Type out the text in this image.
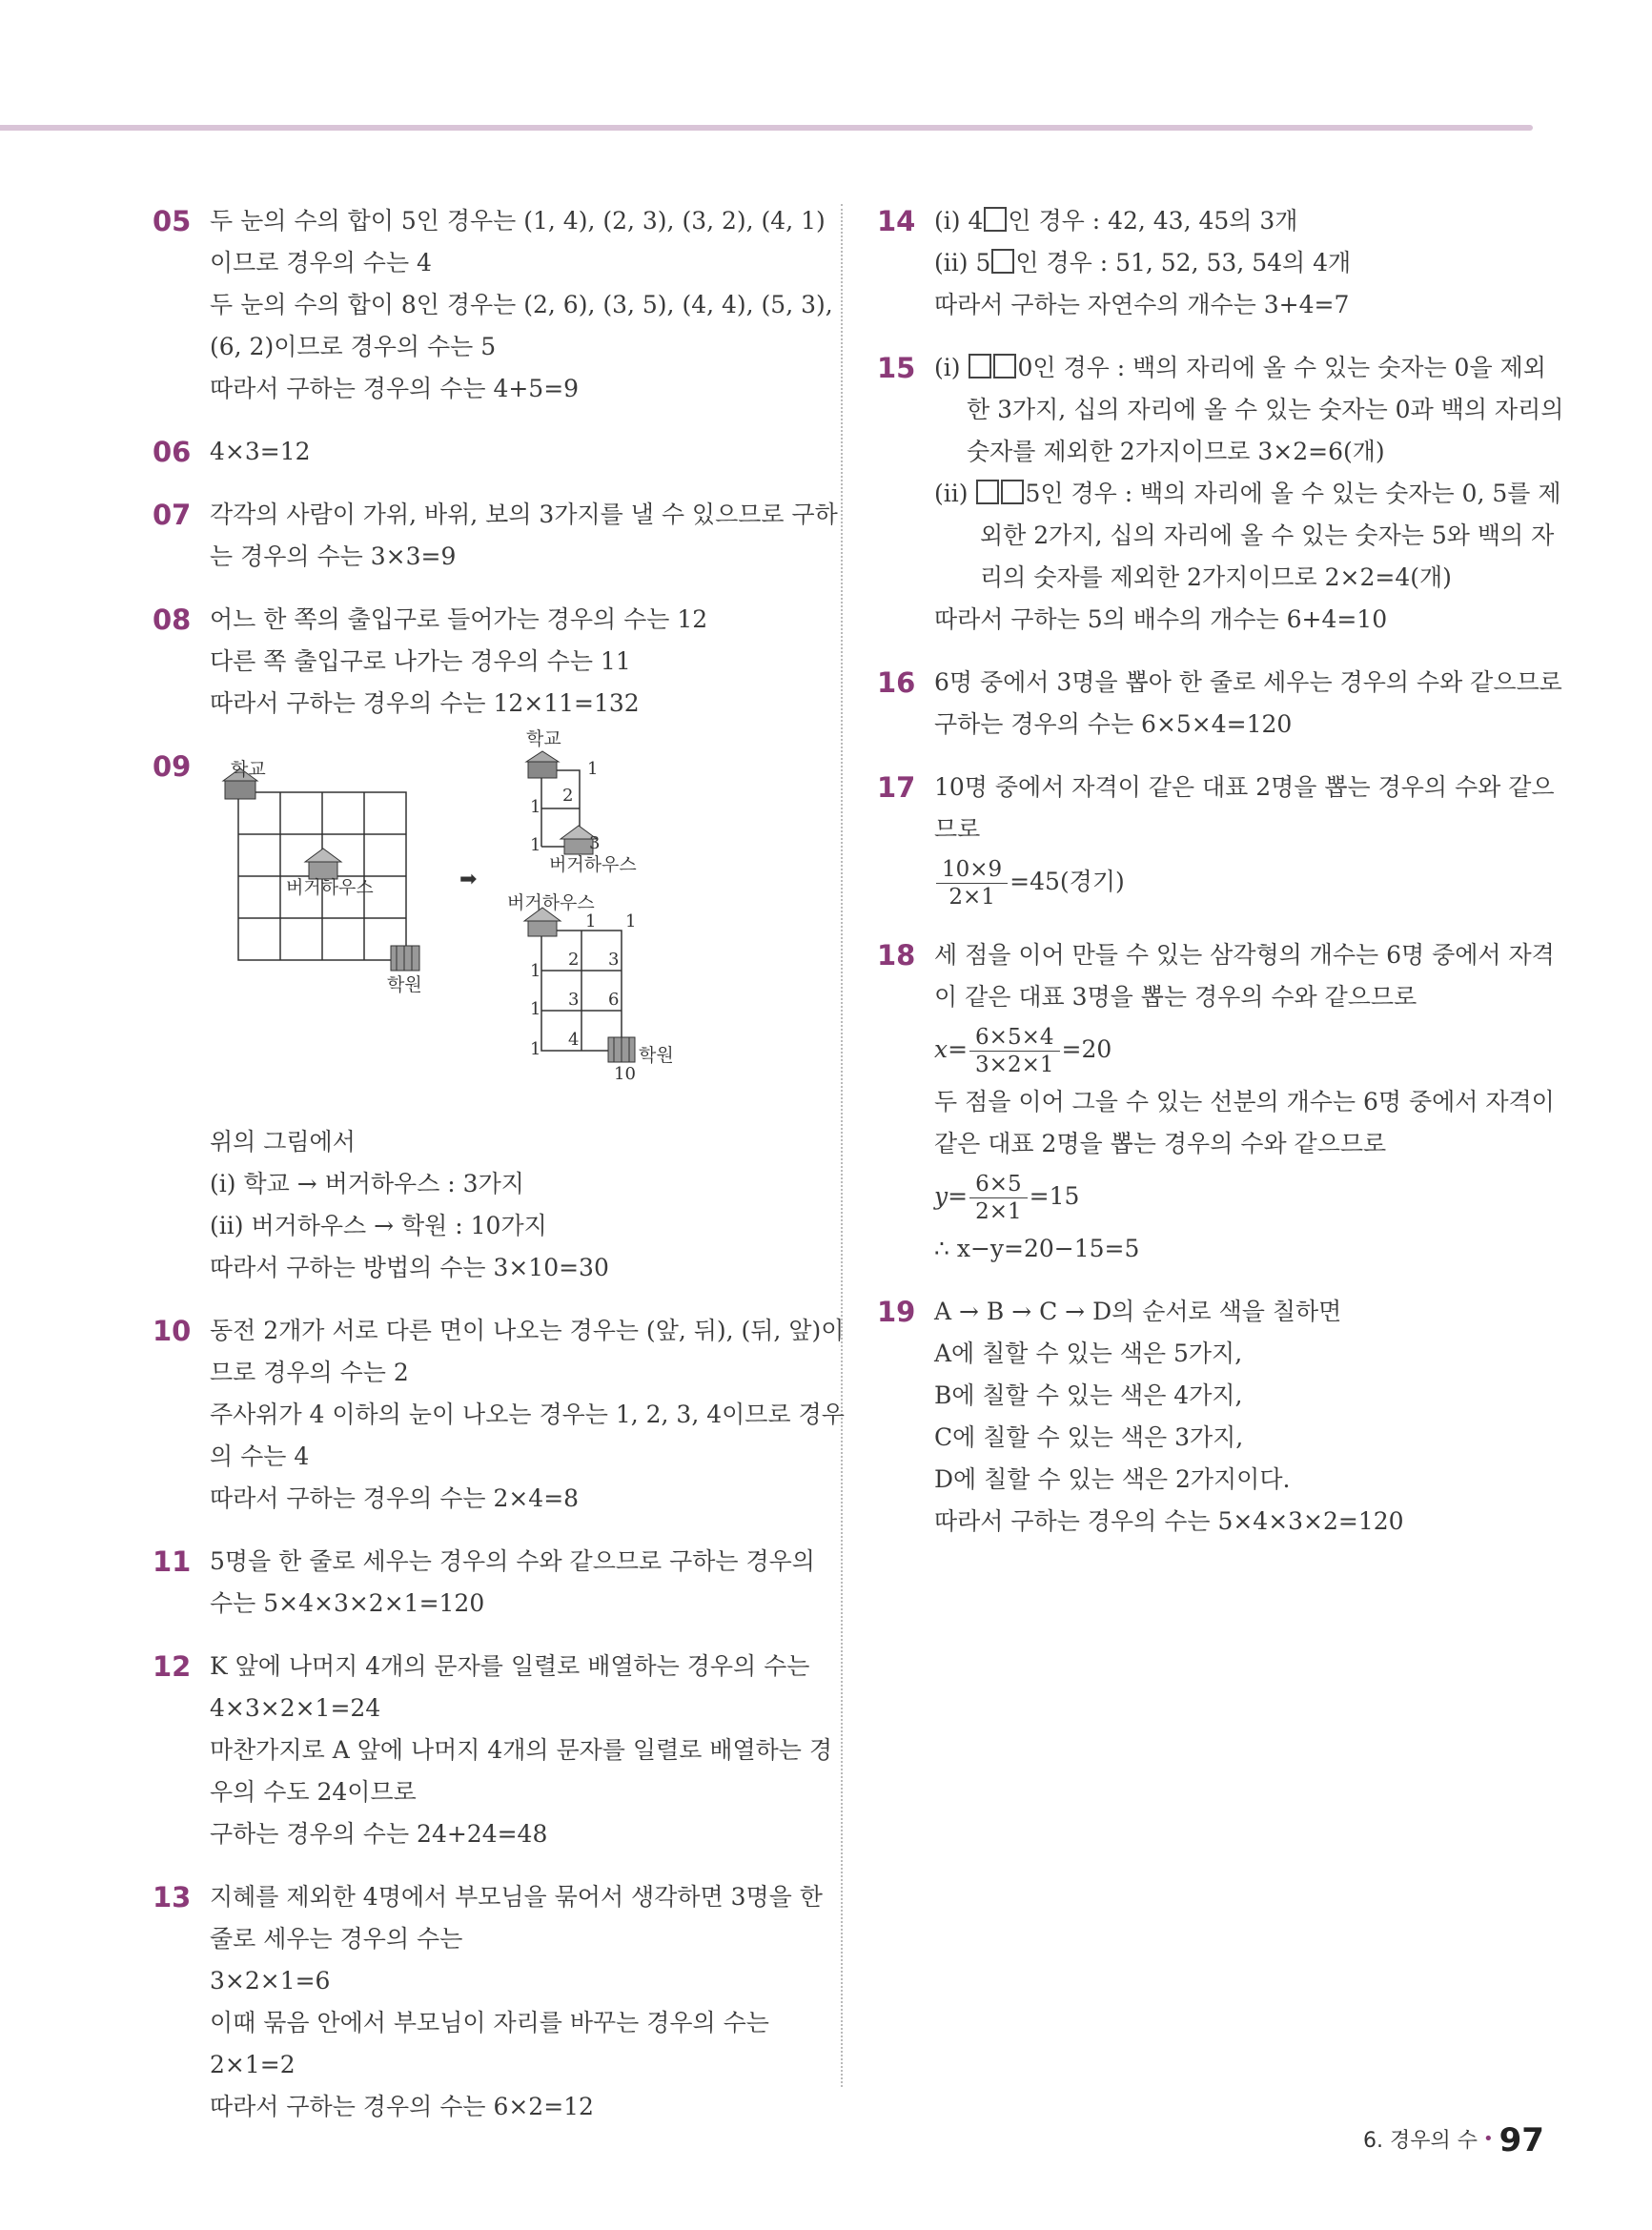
05 두 눈의 수의 합이 5인 경우는 (1, 4), (2, 3), (3, 2), (4, 1)
이므로 경우의 수는 4
두 눈의 수의 합이 8인 경우는 (2, 6), (3, 5), (4, 4), (5, 3),
(6, 2)이므로 경우의 수는 5
따라서 구하는 경우의 수는 4+5=9
06 4×3=12
07 각각의 사람이 가위, 바위, 보의 3가지를 낼 수 있으므로 구하
는 경우의 수는 3×3=9
08 어느 한 쪽의 출입구로 들어가는 경우의 수는 12
다른 쪽 출입구로 나가는 경우의 수는 11
따라서 구하는 경우의 수는 12×11=132
09 학교
버거하우스
학원
➡
학교
버거하우스
버거하우스
학원
1
1
2
1	3
1 1
1
2 3
1 3 6
1 4
10
위의 그림에서
(ⅰ) 학교 → 버거하우스 : 3가지
(ⅱ) 버거하우스 → 학원 : 10가지
따라서 구하는 방법의 수는 3×10=30
10 동전 2개가 서로 다른 면이 나오는 경우는 (앞, 뒤), (뒤, 앞)이
므로 경우의 수는 2
주사위가 4 이하의 눈이 나오는 경우는 1, 2, 3, 4이므로 경우
의 수는 4
따라서 구하는 경우의 수는 2×4=8
11 5명을 한 줄로 세우는 경우의 수와 같으므로 구하는 경우의
수는 5×4×3×2×1=120
12 K 앞에 나머지 4개의 문자를 일렬로 배열하는 경우의 수는
4×3×2×1=24
마찬가지로 A 앞에 나머지 4개의 문자를 일렬로 배열하는 경
우의 수도 24이므로
구하는 경우의 수는 24+24=48
13 지혜를 제외한 4명에서 부모님을 묶어서 생각하면 3명을 한
줄로 세우는 경우의 수는
3×2×1=6
이때 묶음 안에서 부모님이 자리를 바꾸는 경우의 수는
2×1=2
따라서 구하는 경우의 수는 6×2=12
14 (ⅰ) 4 인 경우 : 42, 43, 45의 3개
(ⅱ) 5 인 경우 : 51, 52, 53, 54의 4개
따라서 구하는 자연수의 개수는 3+4=7
15 (ⅰ) 0인 경우 : 백의 자리에 올 수 있는 숫자는 0을 제외
한 3가지, 십의 자리에 올 수 있는 숫자는 0과 백의 자리의
숫자를 제외한 2가지이므로 3×2=6(개)
(ⅱ) 5인 경우 : 백의 자리에 올 수 있는 숫자는 0, 5를 제
외한 2가지, 십의 자리에 올 수 있는 숫자는 5와 백의 자
리의 숫자를 제외한 2가지이므로 2×2=4(개)
따라서 구하는 5의 배수의 개수는 6+4=10
16 6명 중에서 3명을 뽑아 한 줄로 세우는 경우의 수와 같으므로
구하는 경우의 수는 6×5×4=120
17 10명 중에서 자격이 같은 대표 2명을 뽑는 경우의 수와 같으
므로
$\frac{10\times 9}{2\times 1} =45$(경기)
18 세 점을 이어 만들 수 있는 삼각형의 개수는 6명 중에서 자격
이 같은 대표 3명을 뽑는 경우의 수와 같으므로
$x= \frac{6\times 5\times 4}{3\times 2\times 1} =20$
두 점을 이어 그을 수 있는 선분의 개수는 6명 중에서 자격이
같은 대표 2명을 뽑는 경우의 수와 같으므로
$y= \frac{6\times 5}{2\times 1} =15$
∴ x−y=20−15=5
19 A → B → C → D의 순서로 색을 칠하면
A에 칠할 수 있는 색은 5가지,
B에 칠할 수 있는 색은 4가지,
C에 칠할 수 있는 색은 3가지,
D에 칠할 수 있는 색은 2가지이다.
따라서 구하는 경우의 수는 5×4×3×2=120
6. 경우의 수 • 97
